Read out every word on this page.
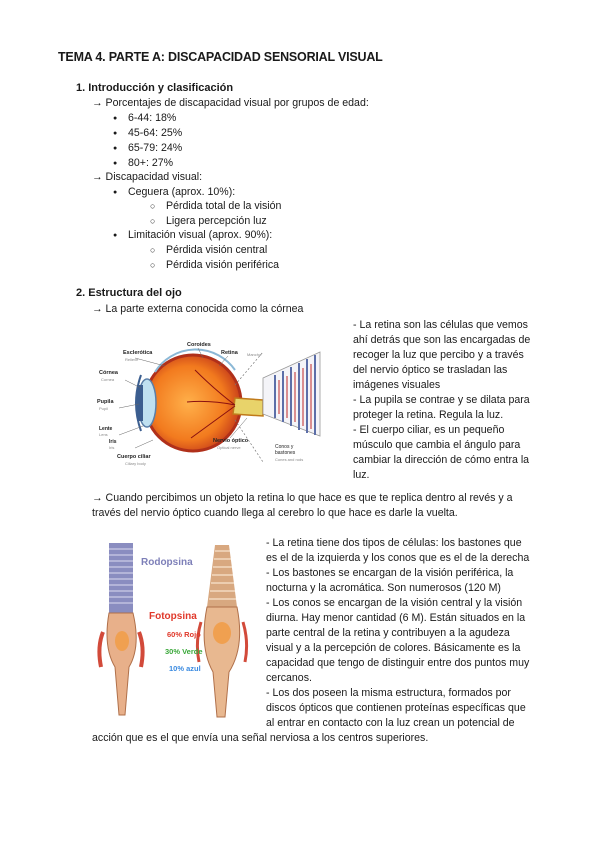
TEMA 4. PARTE A: DISCAPACIDAD SENSORIAL VISUAL
1. Introducción y clasificación
→ Porcentajes de discapacidad visual por grupos de edad:
● 6-44: 18%
● 45-64: 25%
● 65-79: 24%
● 80+: 27%
→ Discapacidad visual:
● Ceguera (aprox. 10%):
○ Pérdida total de la visión
○ Ligera percepción luz
● Limitación visual (aprox. 90%):
○ Pérdida visión central
○ Pérdida visión periférica
2. Estructura del ojo
→ La parte externa conocida como la córnea
Esclerótica
Relieve
Coroides
Retina Mancha
Córnea
Cornea
Pupila
Pupil
Lente
Lens
Iris
Iris
Cuerpo ciliar
Ciliary body
Nervio óptico
Optical nerve	Conos y
bastones
Cones and rods
- La retina son las células que vemos
ahí detrás que son las encargadas de
recoger la luz que percibo y a través
del nervio óptico se trasladan las
imágenes visuales
- La pupila se contrae y se dilata para
proteger la retina. Regula la luz.
- El cuerpo ciliar, es un pequeño
músculo que cambia el ángulo para
cambiar la dirección de cómo entra la
luz.
→ Cuando percibimos un objeto la retina lo que hace es que te replica dentro al revés y a
través del nervio óptico cuando llega al cerebro lo que hace es darle la vuelta.
Rodopsina
Fotopsina
60% Rojo
30% Verde
10% azul
- La retina tiene dos tipos de células: los bastones que
es el de la izquierda y los conos que es el de la derecha
- Los bastones se encargan de la visión periférica, la
nocturna y la acromática. Son numerosos (120 M)
- Los conos se encargan de la visión central y la visión
diurna. Hay menor cantidad (6 M). Están situados en la
parte central de la retina y contribuyen a la agudeza
visual y a la percepción de colores. Básicamente es la
capacidad que tengo de distinguir entre dos puntos muy
cercanos.
- Los dos poseen la misma estructura, formados por
discos ópticos que contienen proteínas específicas que
al entrar en contacto con la luz crean un potencial de
acción que es el que envía una señal nerviosa a los centros superiores.
